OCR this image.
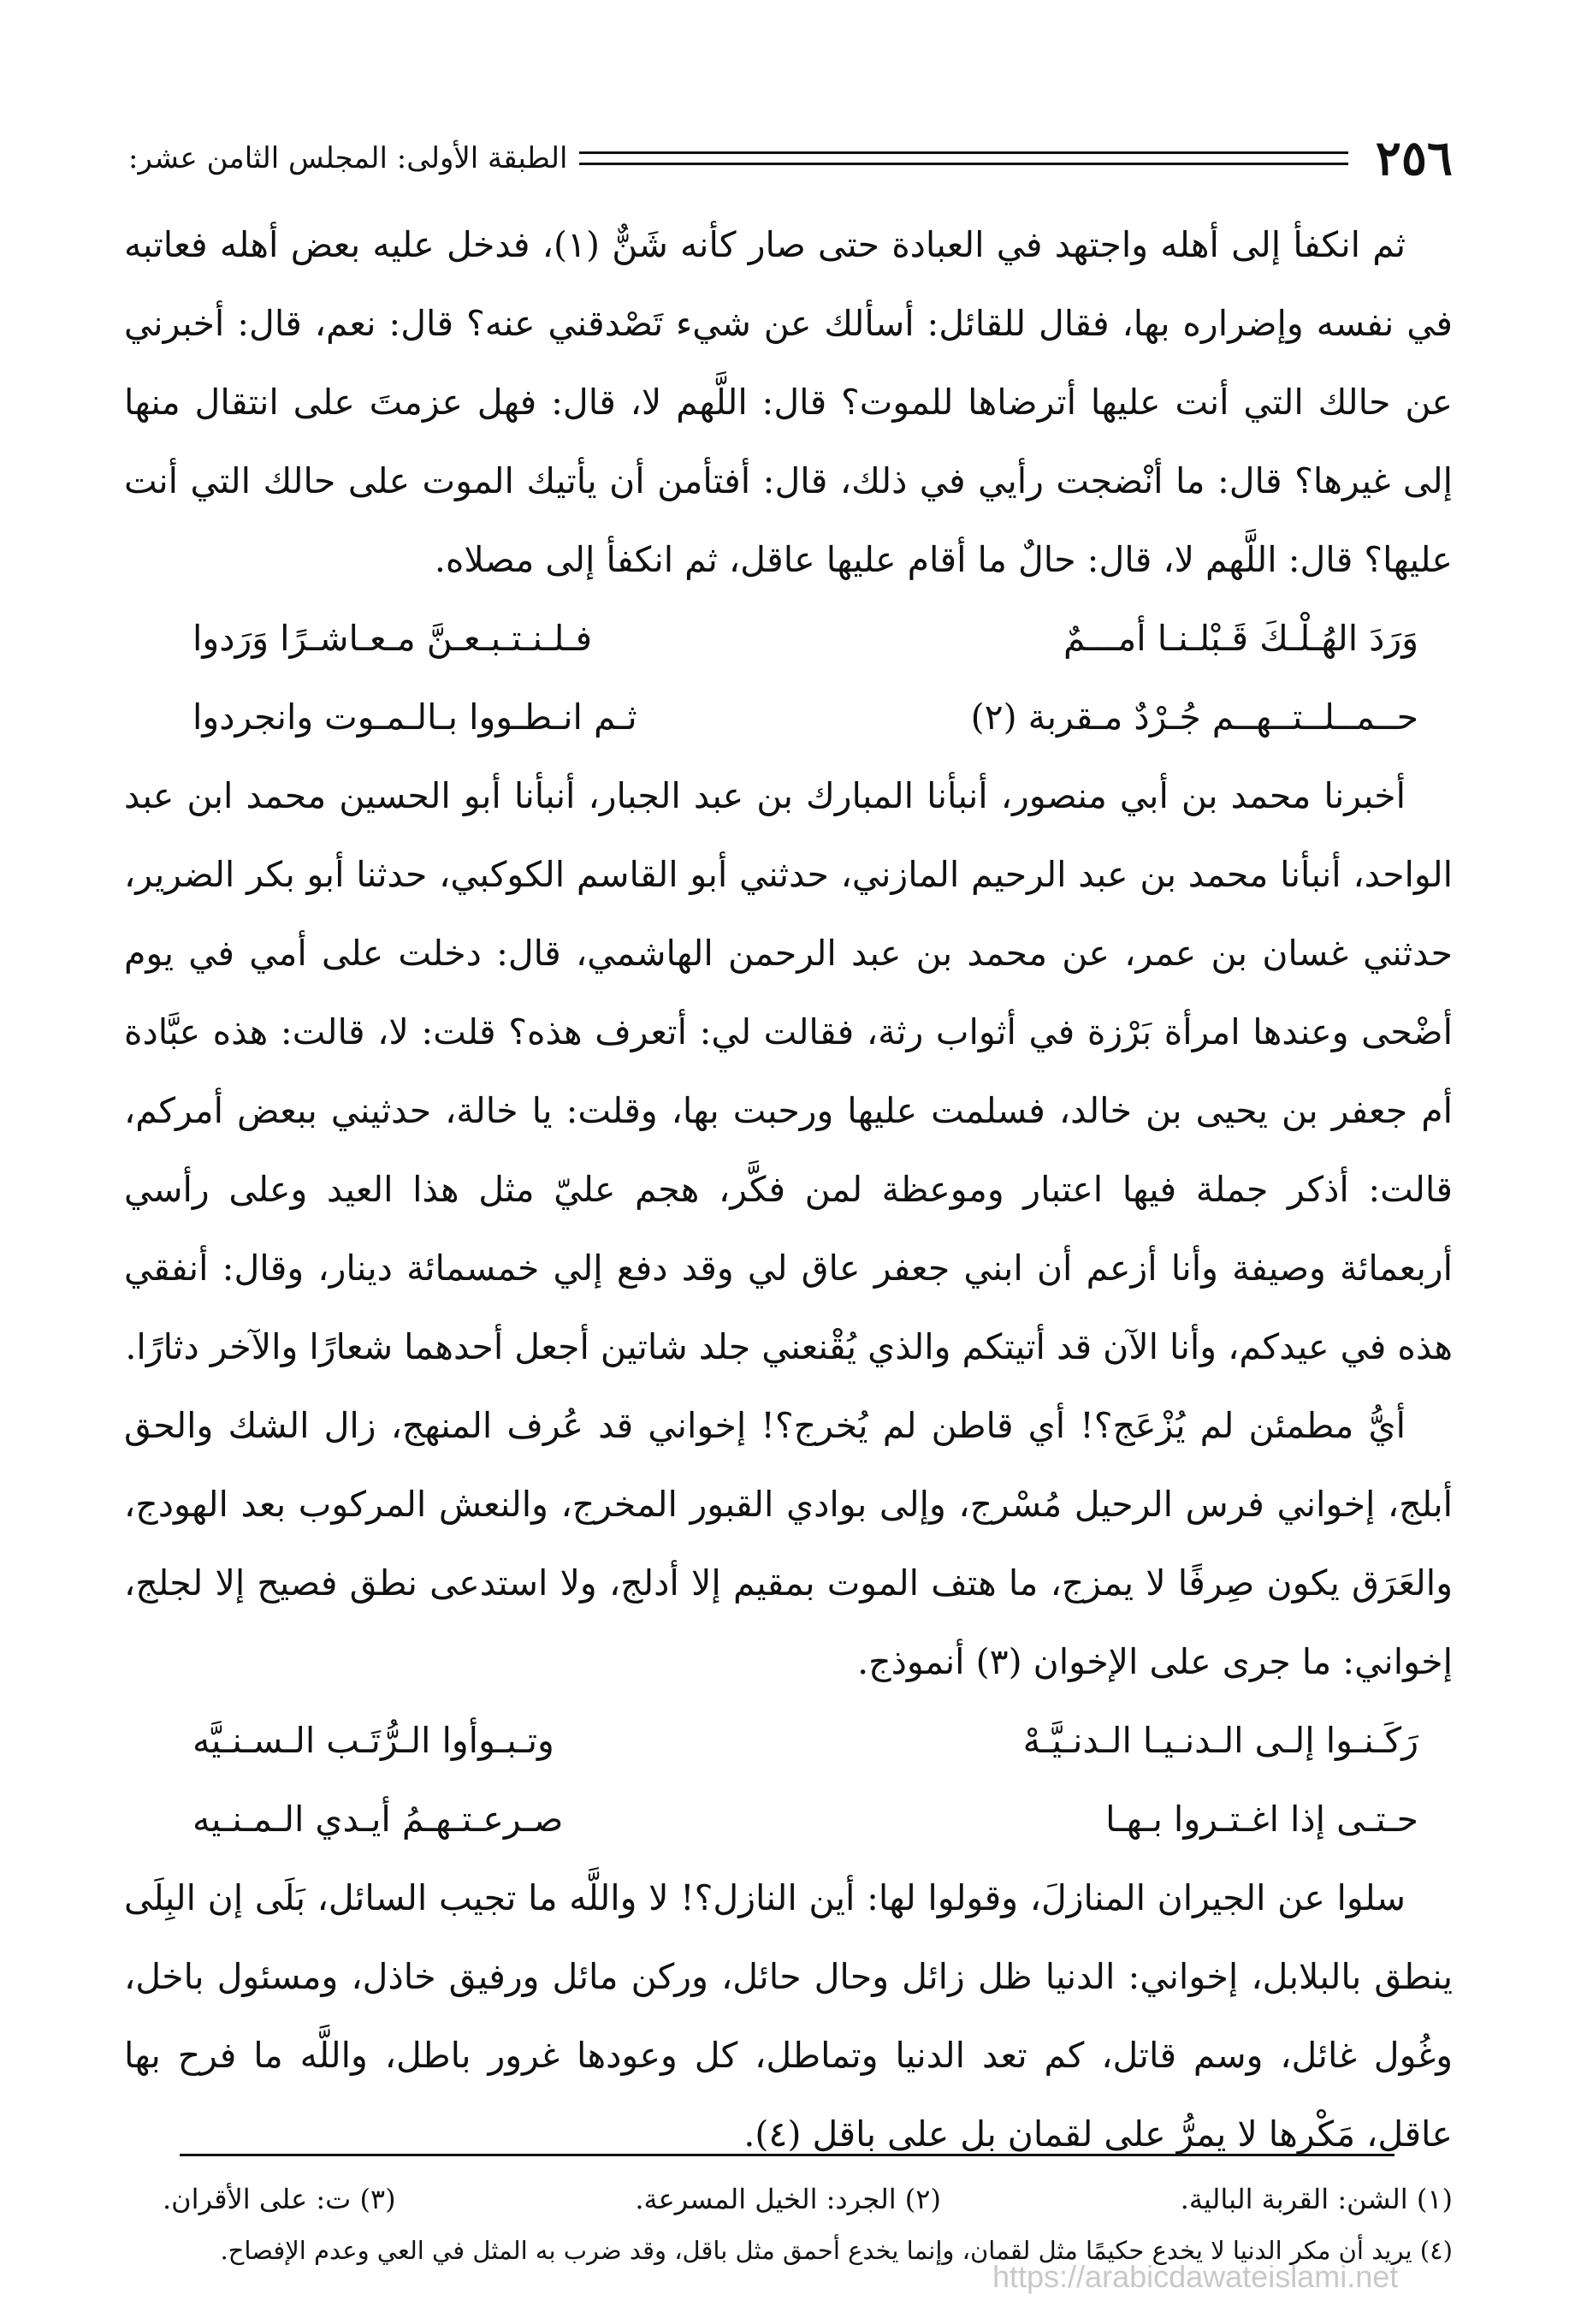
٢٥٦
الطبقة الأولى: المجلس الثامن عشر:

ثم انكفأ إلى أهله واجتهد في العبادة حتى صار كأنه شَنٌّ (١)، فدخل عليه بعض أهله فعاتبه في نفسه وإضراره بها، فقال للقائل: أسألك عن شيء تَصْدقني عنه؟ قال: نعم، قال: أخبرني عن حالك التي أنت عليها أترضاها للموت؟ قال: اللَّهم لا، قال: فهل عزمتَ على انتقال منها إلى غيرها؟ قال: ما أنْضجت رأيي في ذلك، قال: أفتأمن أن يأتيك الموت على حالك التي أنت عليها؟ قال: اللَّهم لا، قال: حالٌ ما أقام عليها عاقل، ثم انكفأ إلى مصلاه.

وَرَدَ الهُـلْـكَ قَـبْلـنـا أمـــمٌ
فـلـنـتـبـعـنَّ مـعـاشـرًا وَرَدوا
حــمــلــتــهــم جُـرْدٌ مـقربة (٢)
ثـم انـطـووا بـالـمـوت وانجردوا

أخبرنا محمد بن أبي منصور، أنبأنا المبارك بن عبد الجبار، أنبأنا أبو الحسين محمد ابن عبد الواحد، أنبأنا محمد بن عبد الرحيم المازني، حدثني أبو القاسم الكوكبي، حدثنا أبو بكر الضرير، حدثني غسان بن عمر، عن محمد بن عبد الرحمن الهاشمي، قال: دخلت على أمي في يوم أضْحى وعندها امرأة بَرْزة في أثواب رثة، فقالت لي: أتعرف هذه؟ قلت: لا، قالت: هذه عبَّادة أم جعفر بن يحيى بن خالد، فسلمت عليها ورحبت بها، وقلت: يا خالة، حدثيني ببعض أمركم، قالت: أذكر جملة فيها اعتبار وموعظة لمن فكَّر، هجم عليّ مثل هذا العيد وعلى رأسي أربعمائة وصيفة وأنا أزعم أن ابني جعفر عاق لي وقد دفع إلي خمسمائة دينار، وقال: أنفقي هذه في عيدكم، وأنا الآن قد أتيتكم والذي يُقْنعني جلد شاتين أجعل أحدهما شعارًا والآخر دثارًا.

أيُّ مطمئن لم يُزْعَج؟! أي قاطن لم يُخرج؟! إخواني قد عُرف المنهج، زال الشك والحق أبلج، إخواني فرس الرحيل مُسْرج، وإلى بوادي القبور المخرج، والنعش المركوب بعد الهودج، والعَرَق يكون صِرفًا لا يمزج، ما هتف الموت بمقيم إلا أدلج، ولا استدعى نطق فصيح إلا لجلج، إخواني: ما جرى على الإخوان (٣) أنموذج.

رَكَـنـوا إلـى الـدنـيـا الـدنـيَّـهْ
وتـبـوأوا الـرُّتَـب الـسـنـيَّه
حـتـى إذا اغـتـروا بـهـا
صـرعـتـهـمُ أيـدي الـمـنـيه

سلوا عن الجيران المنازلَ، وقولوا لها: أين النازل؟! لا واللَّه ما تجيب السائل، بَلَى إن البِلَى ينطق بالبلابل، إخواني: الدنيا ظل زائل وحال حائل، وركن مائل ورفيق خاذل، ومسئول باخل، وغُول غائل، وسم قاتل، كم تعد الدنيا وتماطل، كل وعودها غرور باطل، واللَّه ما فرح بها عاقل، مَكْرها لا يمرُّ على لقمان بل على باقل (٤).

(١) الشن: القربة البالية.
(٢) الجرد: الخيل المسرعة.
(٣) ت: على الأقران.
(٤) يريد أن مكر الدنيا لا يخدع حكيمًا مثل لقمان، وإنما يخدع أحمق مثل باقل، وقد ضرب به المثل في العي وعدم الإفصاح.
https://arabicdawateislami.net
